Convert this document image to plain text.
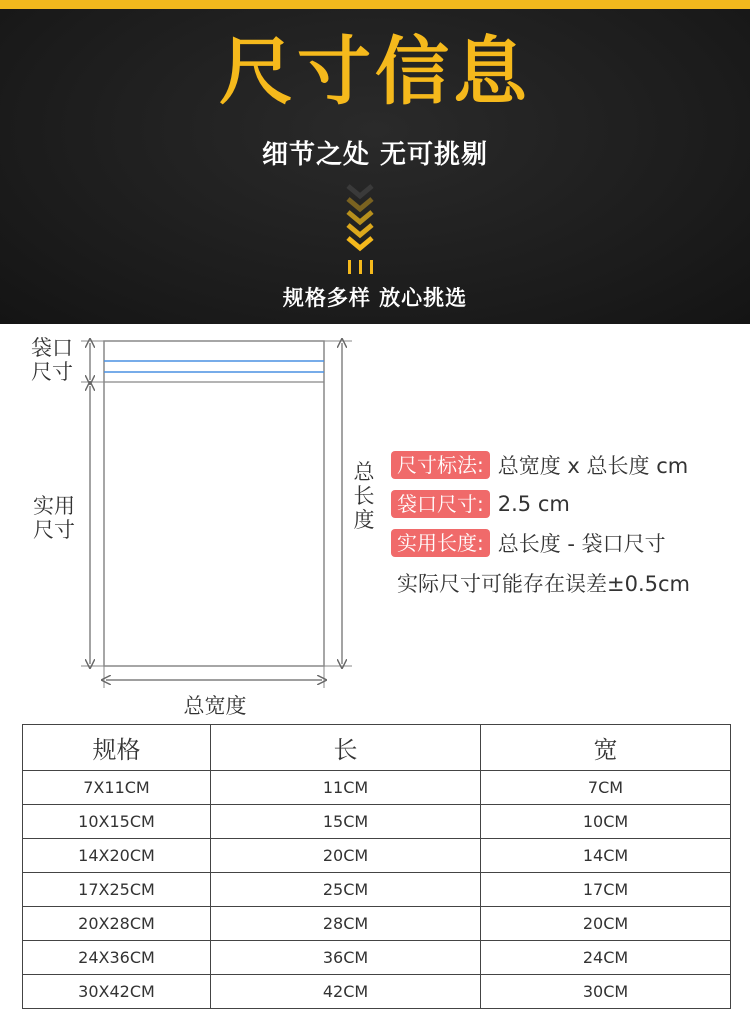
尺寸信息
细节之处 无可挑剔
规格多样 放心挑选
袋口
尺寸
实用
尺寸
总
长
度
总宽度
尺寸标法: 总宽度 x 总长度 cm
袋口尺寸: 2.5 cm
实用长度: 总长度 - 袋口尺寸
实际尺寸可能存在误差±0.5cm
规格	长	宽
7X11CM	11CM	7CM
10X15CM	15CM	10CM
14X20CM	20CM	14CM
17X25CM	25CM	17CM
20X28CM	28CM	20CM
24X36CM	36CM	24CM
30X42CM	42CM	30CM
